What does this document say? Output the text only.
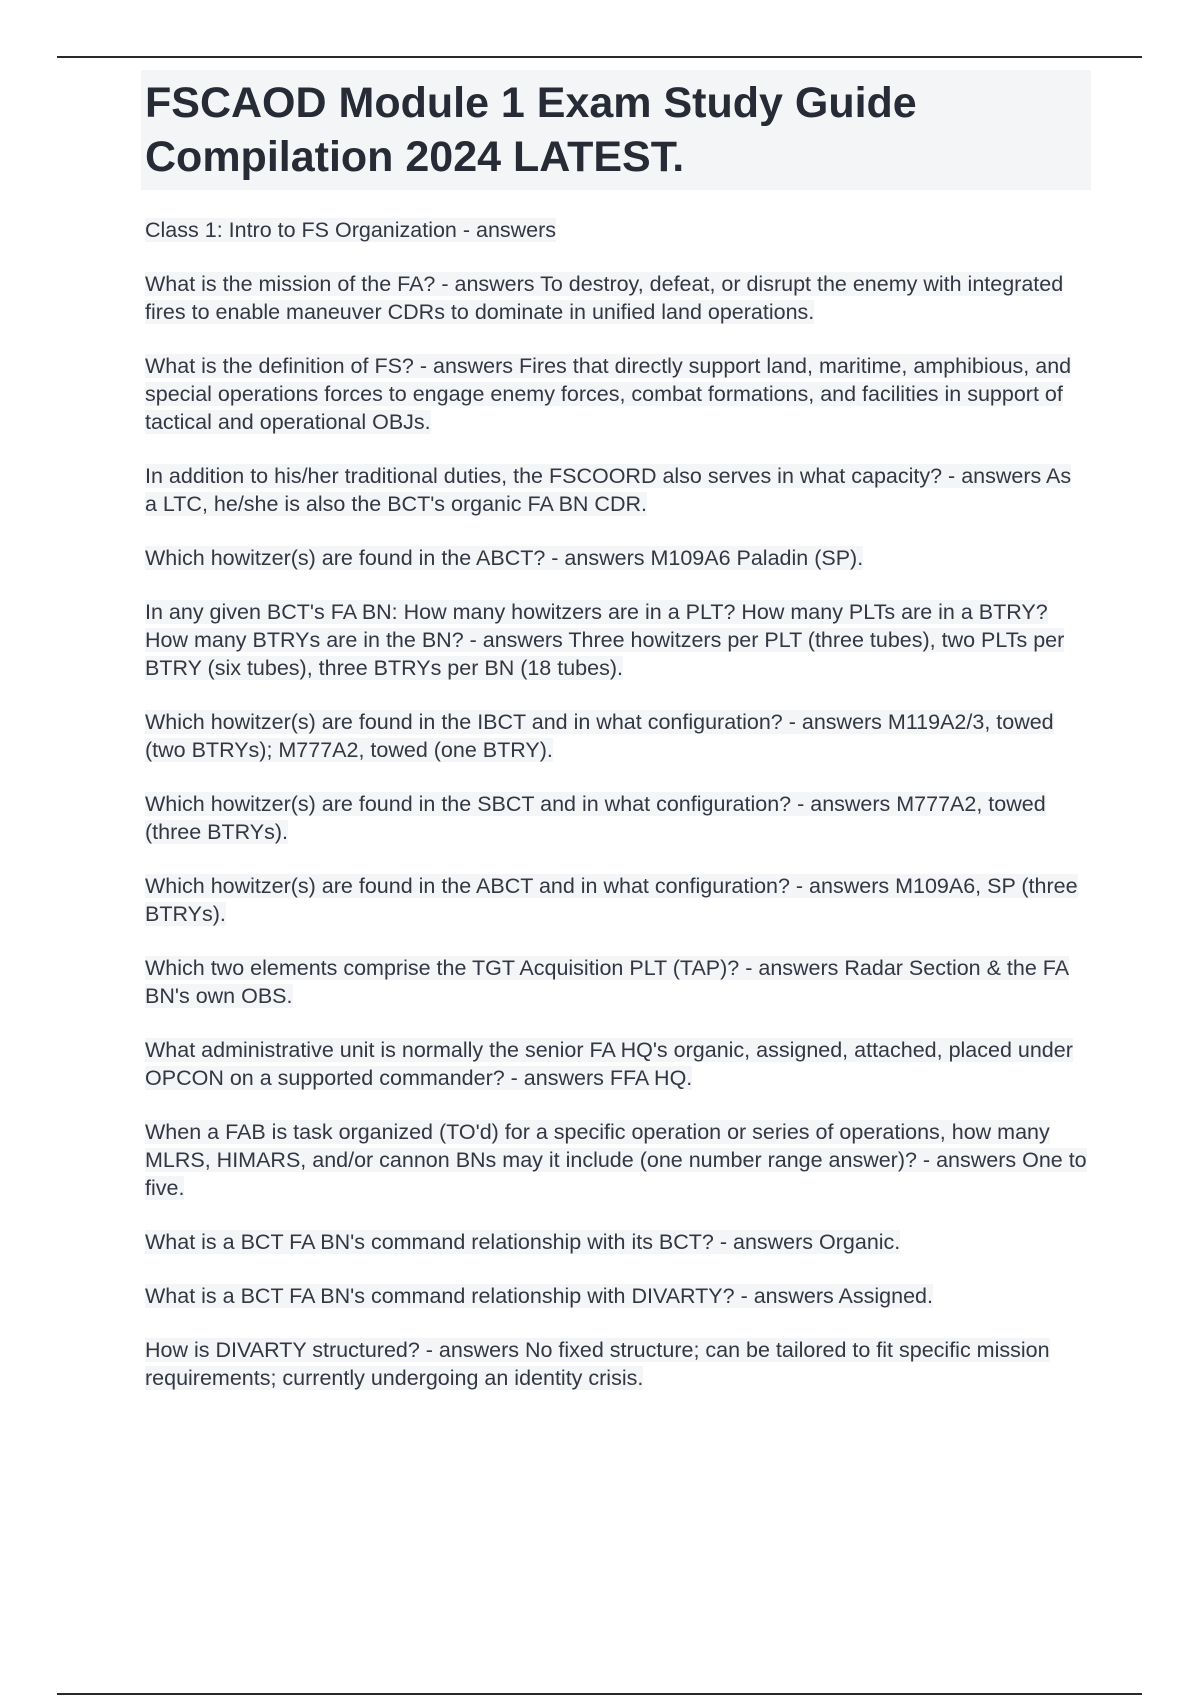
FSCAOD Module 1 Exam Study Guide Compilation 2024 LATEST.

Class 1: Intro to FS Organization - answers

What is the mission of the FA? - answers To destroy, defeat, or disrupt the enemy with integrated fires to enable maneuver CDRs to dominate in unified land operations.

What is the definition of FS? - answers Fires that directly support land, maritime, amphibious, and special operations forces to engage enemy forces, combat formations, and facilities in support of tactical and operational OBJs.

In addition to his/her traditional duties, the FSCOORD also serves in what capacity? - answers As a LTC, he/she is also the BCT's organic FA BN CDR.

Which howitzer(s) are found in the ABCT? - answers M109A6 Paladin (SP).

In any given BCT's FA BN: How many howitzers are in a PLT? How many PLTs are in a BTRY? How many BTRYs are in the BN? - answers Three howitzers per PLT (three tubes), two PLTs per BTRY (six tubes), three BTRYs per BN (18 tubes).

Which howitzer(s) are found in the IBCT and in what configuration? - answers M119A2/3, towed (two BTRYs); M777A2, towed (one BTRY).

Which howitzer(s) are found in the SBCT and in what configuration? - answers M777A2, towed (three BTRYs).

Which howitzer(s) are found in the ABCT and in what configuration? - answers M109A6, SP (three BTRYs).

Which two elements comprise the TGT Acquisition PLT (TAP)? - answers Radar Section & the FA BN's own OBS.

What administrative unit is normally the senior FA HQ's organic, assigned, attached, placed under OPCON on a supported commander? - answers FFA HQ.

When a FAB is task organized (TO'd) for a specific operation or series of operations, how many MLRS, HIMARS, and/or cannon BNs may it include (one number range answer)? - answers One to five.

What is a BCT FA BN's command relationship with its BCT? - answers Organic.

What is a BCT FA BN's command relationship with DIVARTY? - answers Assigned.

How is DIVARTY structured? - answers No fixed structure; can be tailored to fit specific mission requirements; currently undergoing an identity crisis.
